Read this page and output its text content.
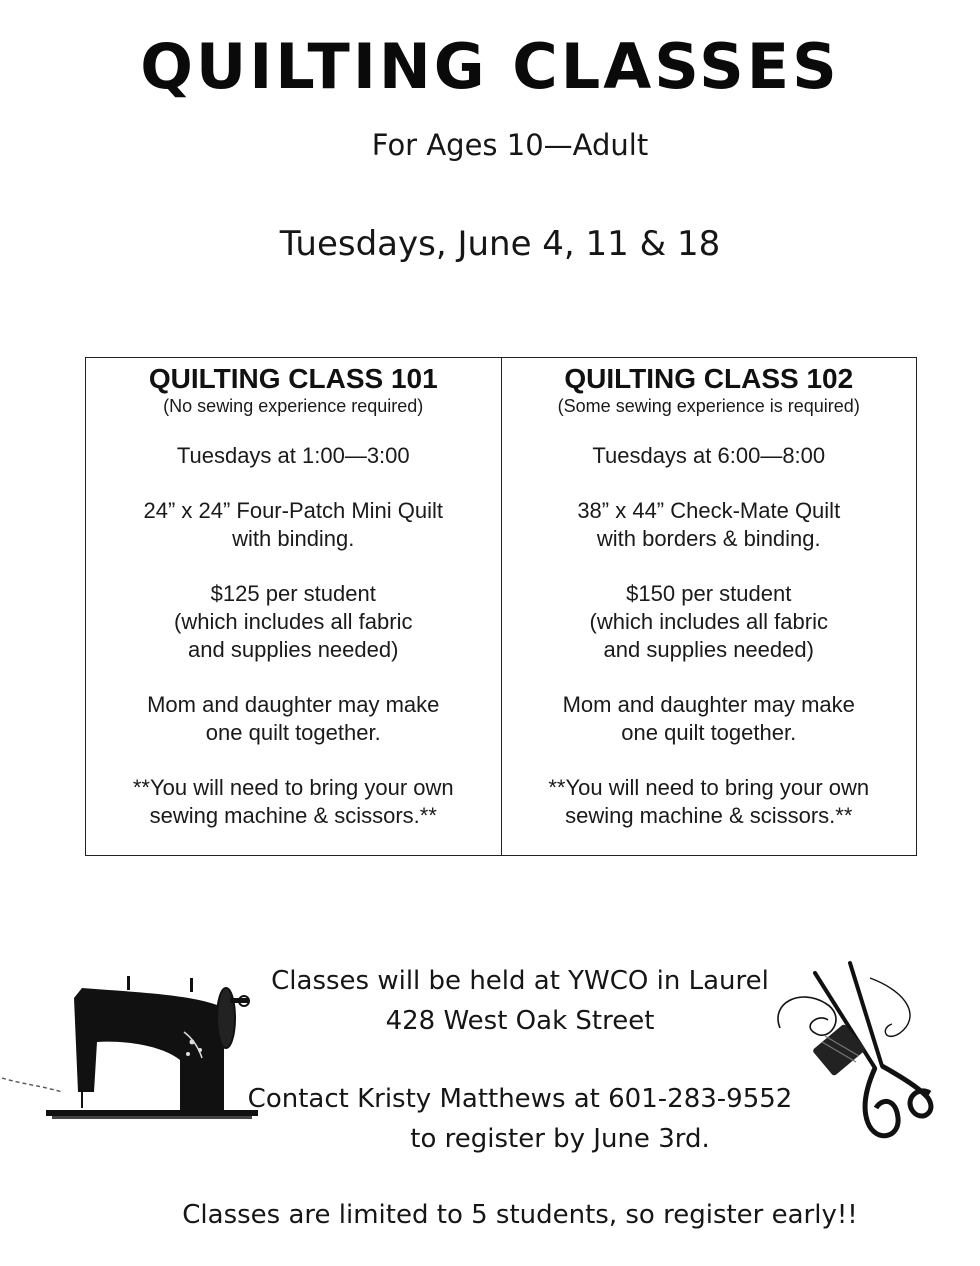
QUILTING CLASSES
For Ages 10—Adult
Tuesdays, June 4, 11 & 18
QUILTING CLASS 101
(No sewing experience required)

Tuesdays at 1:00—3:00

24” x 24” Four-Patch Mini Quilt
with binding.

$125 per student
(which includes all fabric
and supplies needed)

Mom and daughter may make
one quilt together.

**You will need to bring your own
sewing machine & scissors.**

QUILTING CLASS 102
(Some sewing experience is required)

Tuesdays at 6:00—8:00

38” x 44” Check-Mate Quilt
with borders & binding.

$150 per student
(which includes all fabric
and supplies needed)

Mom and daughter may make
one quilt together.

**You will need to bring your own
sewing machine & scissors.**

Classes will be held at YWCO in Laurel
428 West Oak Street
Contact Kristy Matthews at 601-283-9552
to register by June 3rd.
Classes are limited to 5 students, so register early!!
